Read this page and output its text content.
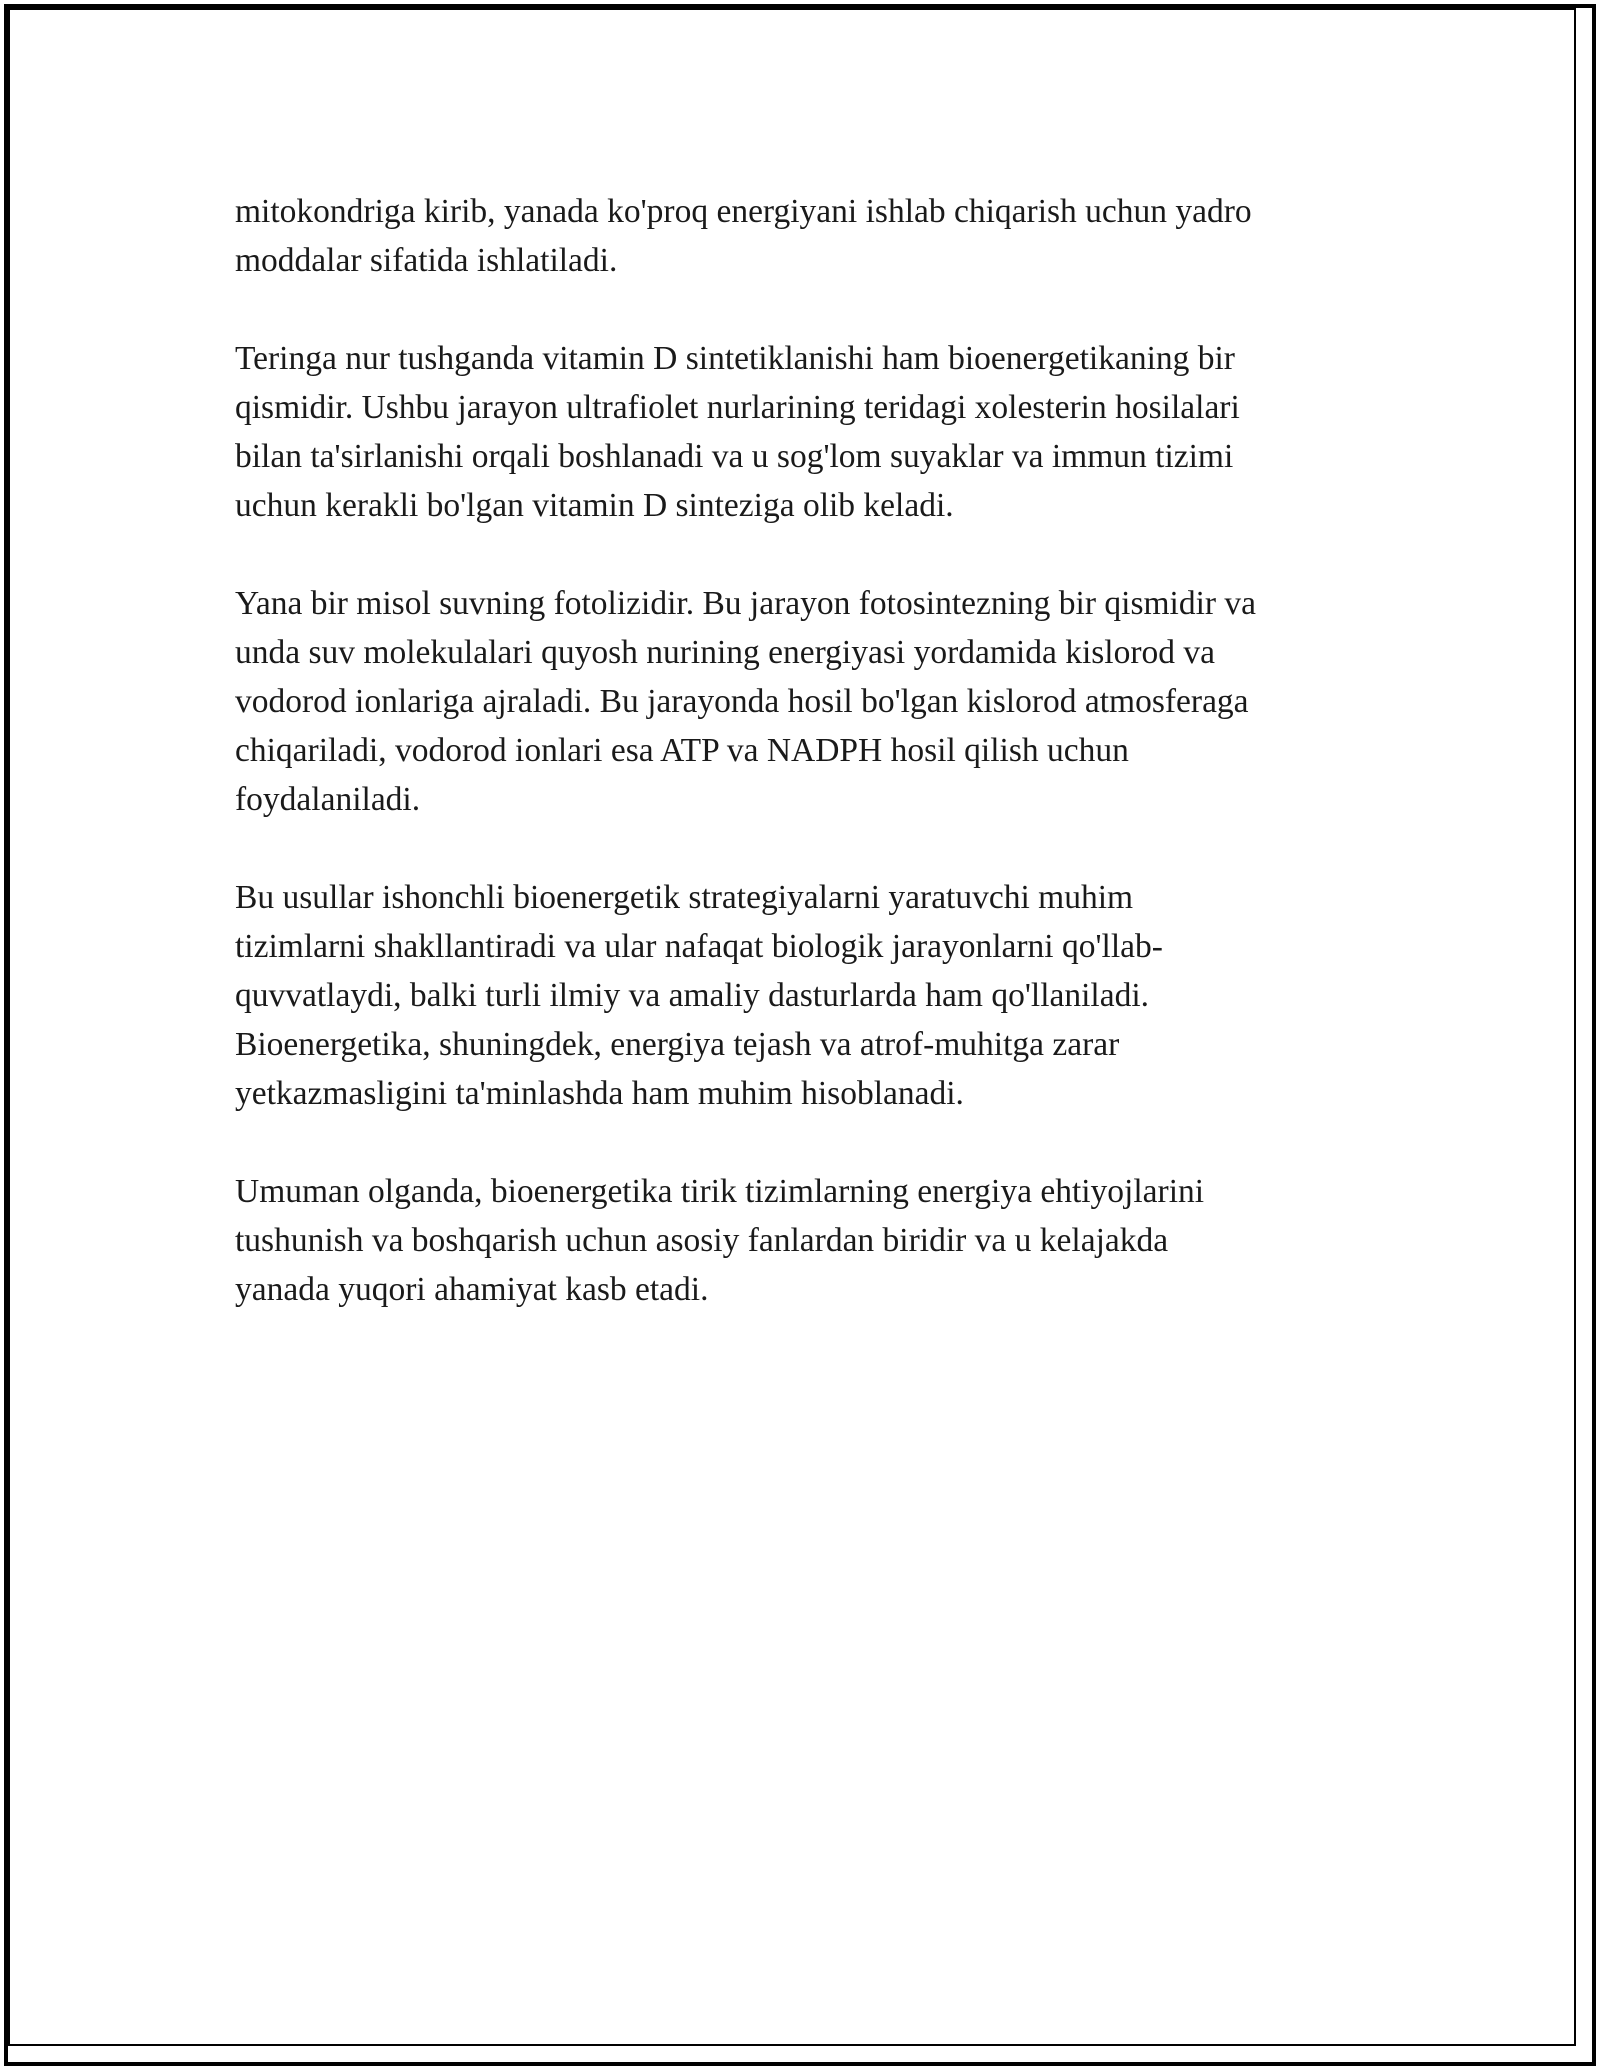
mitokondriga kirib, yanada ko'proq energiyani ishlab chiqarish uchun yadro
moddalar sifatida ishlatiladi.

Teringa nur tushganda vitamin D sintetiklanishi ham bioenergetikaning bir
qismidir. Ushbu jarayon ultrafiolet nurlarining teridagi xolesterin hosilalari
bilan ta'sirlanishi orqali boshlanadi va u sog'lom suyaklar va immun tizimi
uchun kerakli bo'lgan vitamin D sinteziga olib keladi.

Yana bir misol suvning fotolizidir. Bu jarayon fotosintezning bir qismidir va
unda suv molekulalari quyosh nurining energiyasi yordamida kislorod va
vodorod ionlariga ajraladi. Bu jarayonda hosil bo'lgan kislorod atmosferaga
chiqariladi, vodorod ionlari esa ATP va NADPH hosil qilish uchun
foydalaniladi.

Bu usullar ishonchli bioenergetik strategiyalarni yaratuvchi muhim
tizimlarni shakllantiradi va ular nafaqat biologik jarayonlarni qo'llab-
quvvatlaydi, balki turli ilmiy va amaliy dasturlarda ham qo'llaniladi.
Bioenergetika, shuningdek, energiya tejash va atrof-muhitga zarar
yetkazmasligini ta'minlashda ham muhim hisoblanadi.

Umuman olganda, bioenergetika tirik tizimlarning energiya ehtiyojlarini
tushunish va boshqarish uchun asosiy fanlardan biridir va u kelajakda
yanada yuqori ahamiyat kasb etadi.
